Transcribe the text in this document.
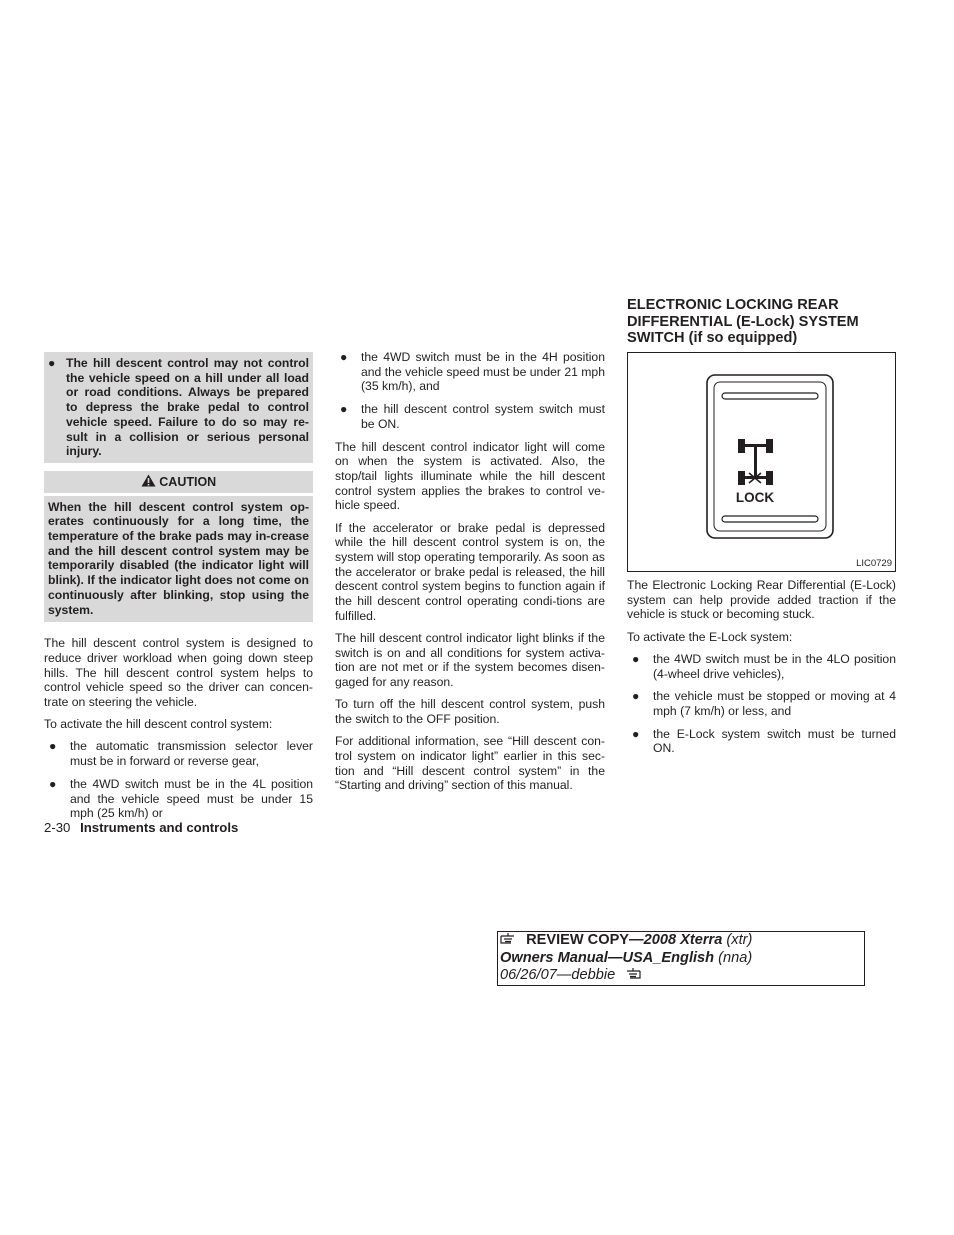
● The hill descent control may not control the vehicle speed on a hill under all load or road conditions. Always be prepared to depress the brake pedal to control vehicle speed. Failure to do so may re-sult in a collision or serious personal injury.
CAUTION
When the hill descent control system op-erates continuously for a long time, the temperature of the brake pads may in-crease and the hill descent control system may be temporarily disabled (the indicator light will blink). If the indicator light does not come on continuously after blinking, stop using the system.

The hill descent control system is designed to reduce driver workload when going down steep hills. The hill descent control system helps to control vehicle speed so the driver can concen-trate on steering the vehicle.

To activate the hill descent control system:

● the automatic transmission selector lever must be in forward or reverse gear,
● the 4WD switch must be in the 4L position and the vehicle speed must be under 15 mph (25 km/h) or
● the 4WD switch must be in the 4H position and the vehicle speed must be under 21 mph (35 km/h), and
● the hill descent control system switch must be ON.

The hill descent control indicator light will come on when the system is activated. Also, the stop/tail lights illuminate while the hill descent control system applies the brakes to control ve-hicle speed.

If the accelerator or brake pedal is depressed while the hill descent control system is on, the system will stop operating temporarily. As soon as the accelerator or brake pedal is released, the hill descent control system begins to function again if the hill descent control operating condi-tions are fulfilled.

The hill descent control indicator light blinks if the switch is on and all conditions for system activa-tion are not met or if the system becomes disen-gaged for any reason.

To turn off the hill descent control system, push the switch to the OFF position.

For additional information, see “Hill descent con-trol system on indicator light” earlier in this sec-tion and “Hill descent control system” in the “Starting and driving” section of this manual.

ELECTRONIC LOCKING REAR DIFFERENTIAL (E-Lock) SYSTEM SWITCH (if so equipped)
LOCK
LIC0729

The Electronic Locking Rear Differential (E-Lock) system can help provide added traction if the vehicle is stuck or becoming stuck.

To activate the E-Lock system:

● the 4WD switch must be in the 4LO position (4-wheel drive vehicles),
● the vehicle must be stopped or moving at 4 mph (7 km/h) or less, and
● the E-Lock system switch must be turned ON.
2-30 Instruments and controls
REVIEW COPY—2008 Xterra (xtr)
Owners Manual—USA_English (nna)
06/26/07—debbie
